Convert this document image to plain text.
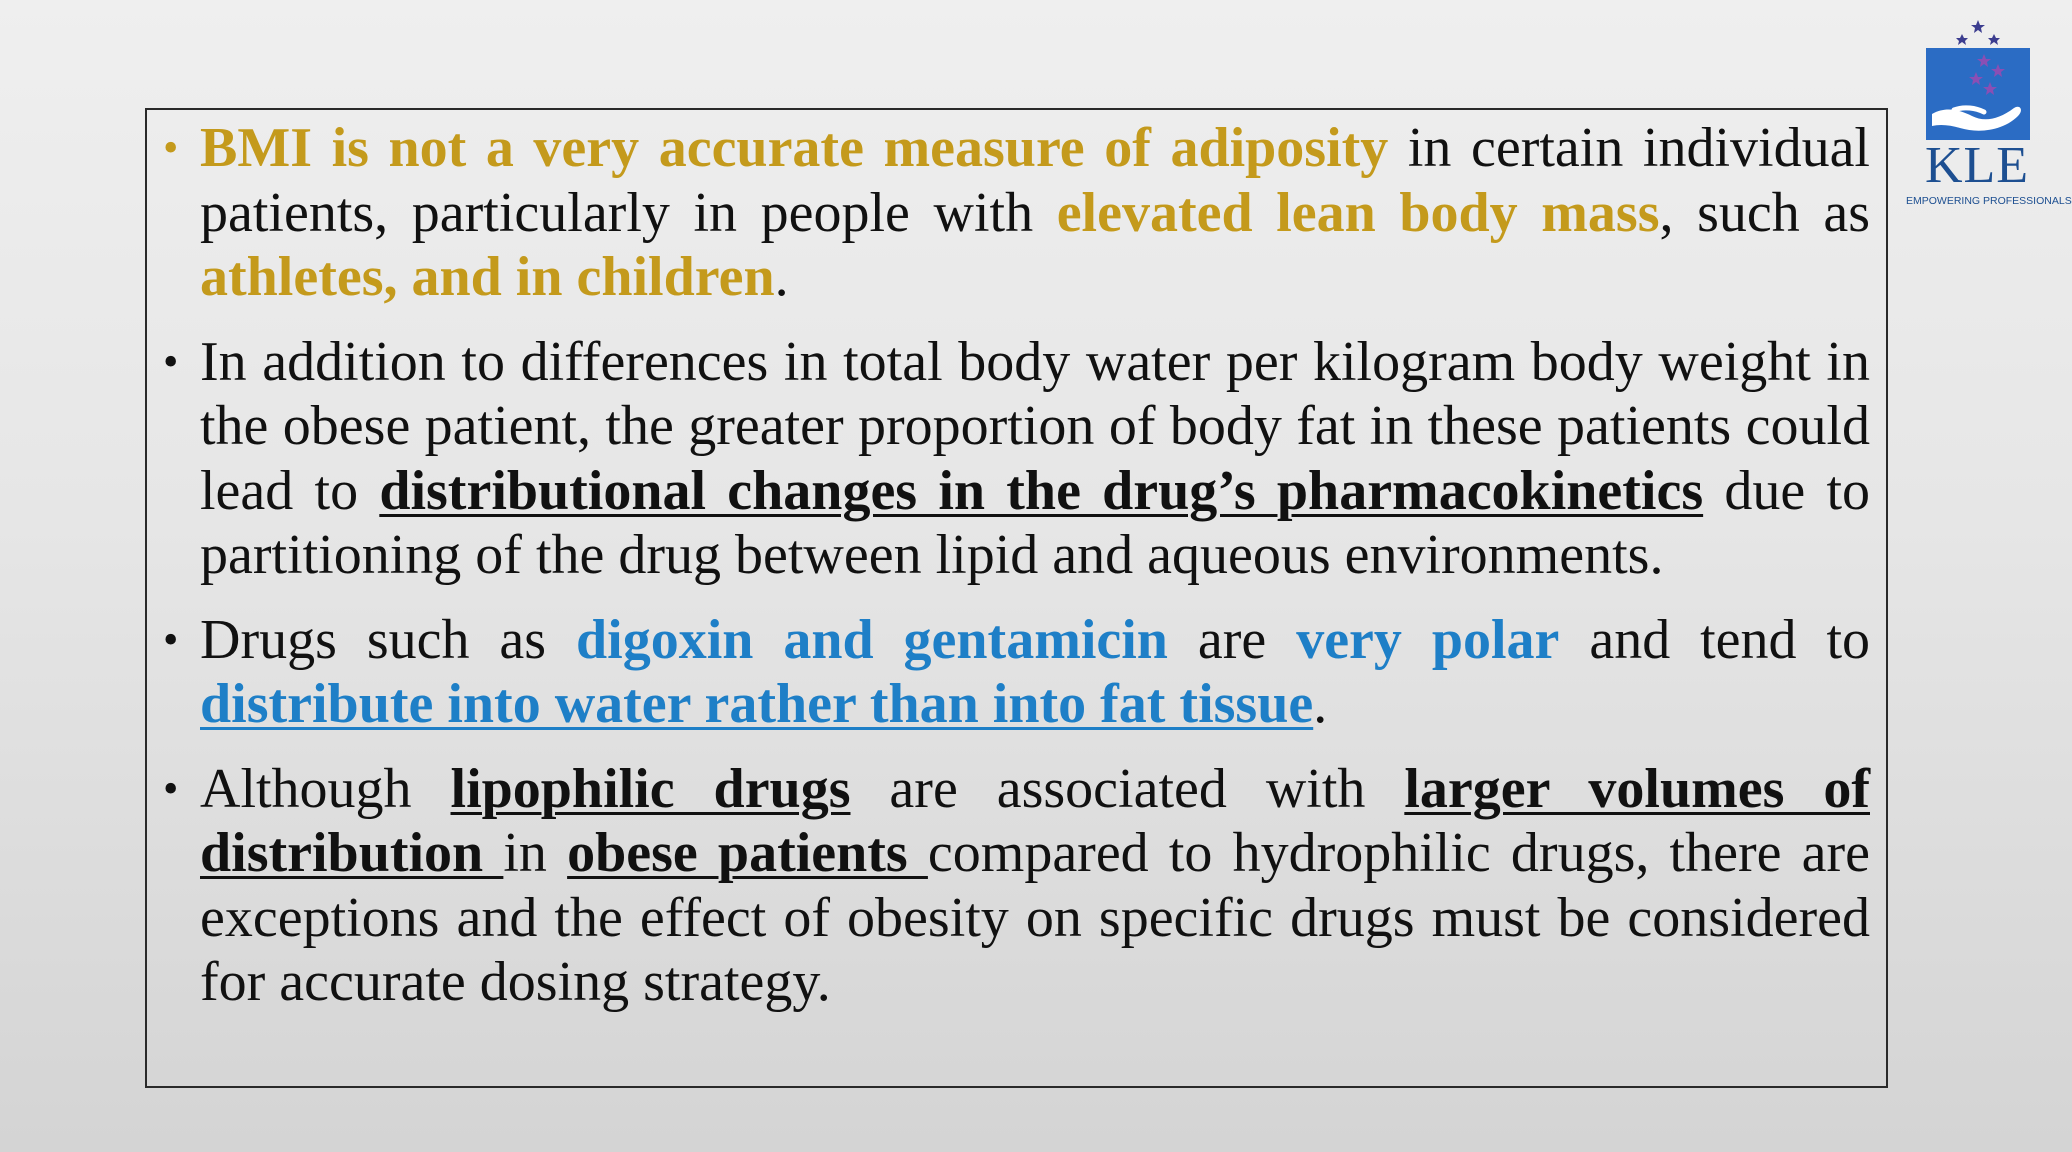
KLE
EMPOWERING PROFESSIONALS
• BMI is not a very accurate measure of adiposity in certain individual patients, particularly in people with elevated lean body mass, such as athletes, and in children.
• In addition to differences in total body water per kilogram body weight in the obese patient, the greater proportion of body fat in these patients could lead to distributional changes in the drug’s pharmacokinetics due to partitioning of the drug between lipid and aqueous environments.
• Drugs such as digoxin and gentamicin are very polar and tend to distribute into water rather than into fat tissue.
• Although lipophilic drugs are associated with larger volumes of distribution in obese patients compared to hydrophilic drugs, there are exceptions and the effect of obesity on specific drugs must be considered for accurate dosing strategy.
